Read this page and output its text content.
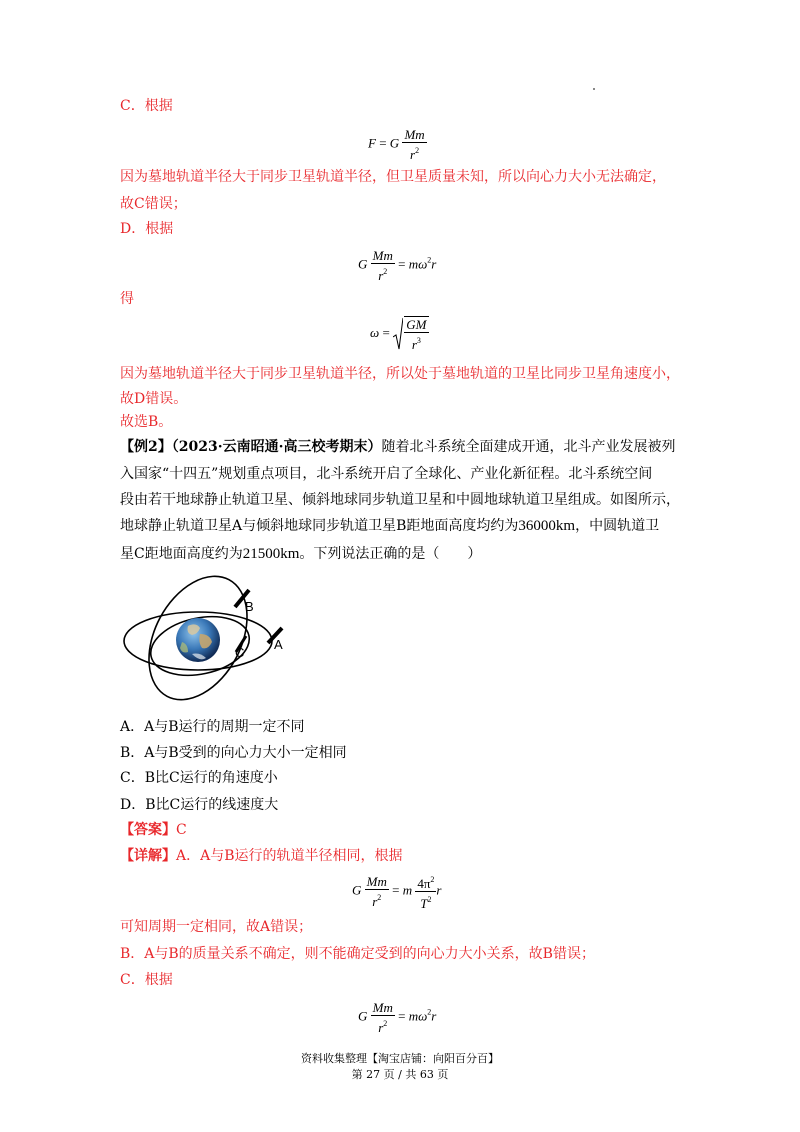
C．根据
F = G $\frac{Mm}{r^2}$
因为墓地轨道半径大于同步卫星轨道半径，但卫星质量未知，所以向心力大小无法确定，
故C错误；
D．根据
G $\frac{Mm}{r^2} = m\omega^2r$
得
$\omega = \frac{GM}{r^3}$
因为墓地轨道半径大于同步卫星轨道半径，所以处于墓地轨道的卫星比同步卫星角速度小，
故D错误。
故选B。
【例2】（2023·云南昭通·高三校考期末）随着北斗系统全面建成开通，北斗产业发展被列
入国家“十四五”规划重点项目，北斗系统开启了全球化、产业化新征程。北斗系统空间
段由若干地球静止轨道卫星、倾斜地球同步轨道卫星和中圆地球轨道卫星组成。如图所示，
地球静止轨道卫星A与倾斜地球同步轨道卫星B距地面高度均约为36000km，中圆轨道卫
星C距地面高度约为21500km。下列说法正确的是（　　）
B
A
C
A．A与B运行的周期一定不同
B．A与B受到的向心力大小一定相同
C．B比C运行的角速度小
D．B比C运行的线速度大
【答案】C
【详解】A．A与B运行的轨道半径相同，根据
G $\frac{Mm}{r^2} = m \frac{4\pi^2}{T^2}$ r
可知周期一定相同，故A错误；
B．A与B的质量关系不确定，则不能确定受到的向心力大小关系，故B错误；
C．根据
G $\frac{Mm}{r^2} = m\omega^2r$
资料收集整理【淘宝店铺：向阳百分百】
第 27 页 / 共 63 页
